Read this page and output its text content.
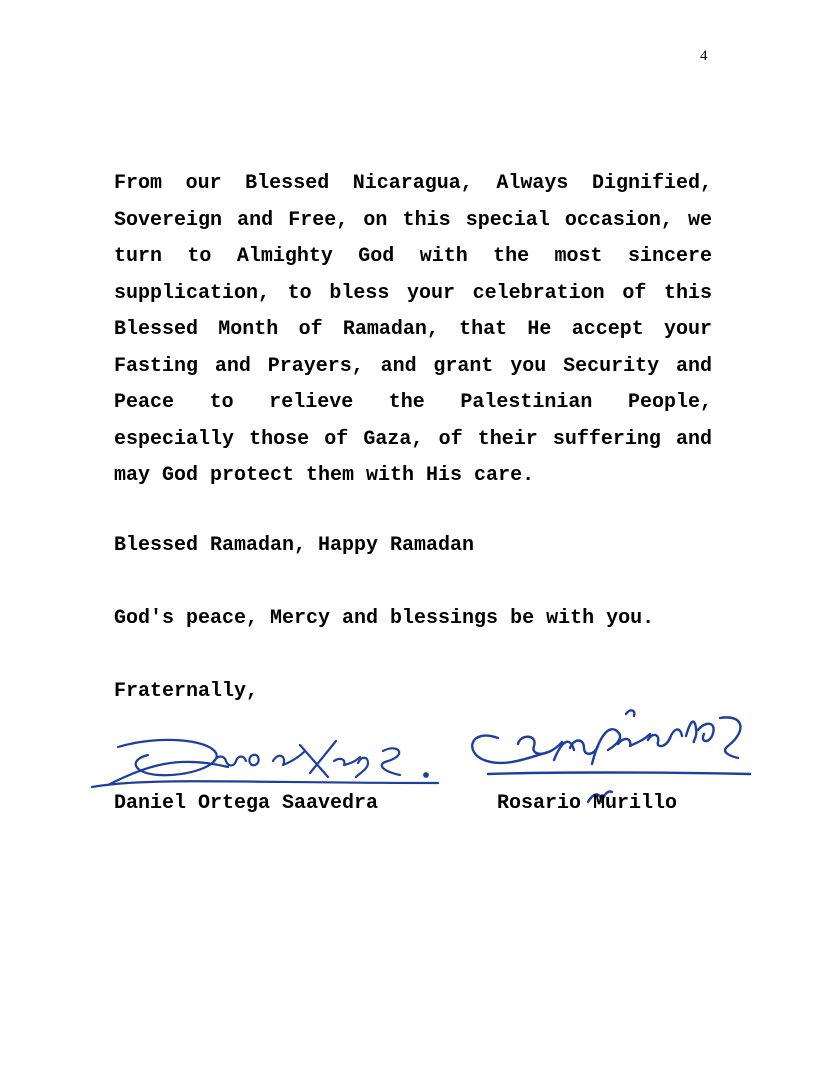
4

From our Blessed Nicaragua, Always Dignified, Sovereign and Free, on this special occasion, we turn to Almighty God with the most sincere supplication, to bless your celebration of this Blessed Month of Ramadan, that He accept your Fasting and Prayers, and grant you Security and Peace to relieve the Palestinian People, especially those of Gaza, of their suffering and may God protect them with His care.

Blessed Ramadan, Happy Ramadan

God's peace, Mercy and blessings be with you.

Fraternally,

Daniel Ortega Saavedra	Rosario Murillo
